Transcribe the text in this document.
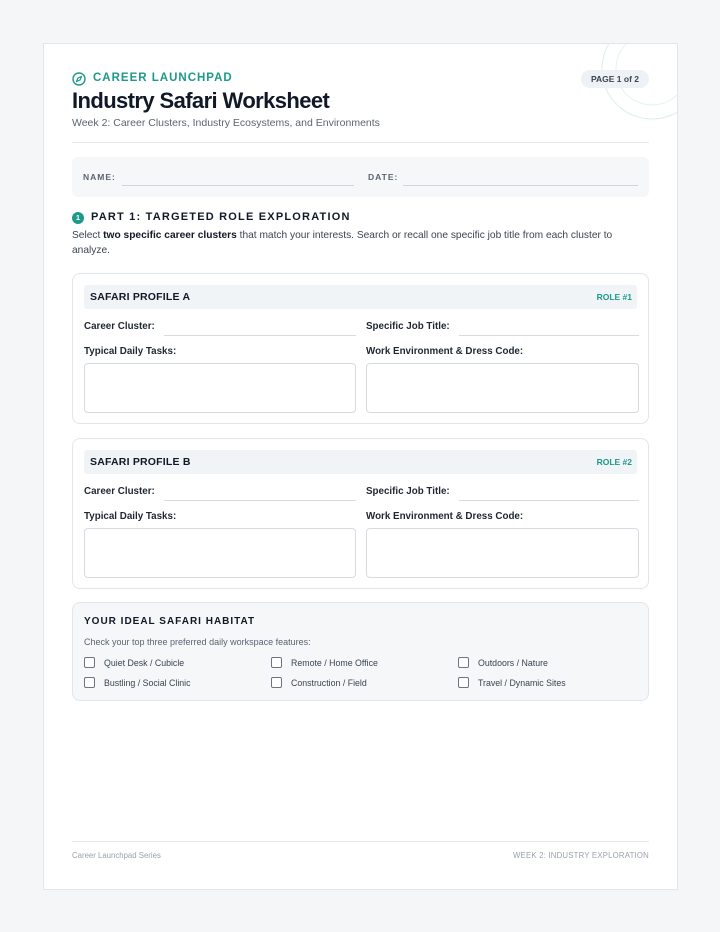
CAREER LAUNCHPAD	PAGE 1 of 2
Industry Safari Worksheet
Week 2: Career Clusters, Industry Ecosystems, and Environments
NAME:	DATE:
1 PART 1: TARGETED ROLE EXPLORATION
Select two specific career clusters that match your interests. Search or recall one specific job title from each cluster to analyze.
SAFARI PROFILE A	ROLE #1
Career Cluster:	Specific Job Title:
Typical Daily Tasks:	Work Environment & Dress Code:
SAFARI PROFILE B	ROLE #2
Career Cluster:	Specific Job Title:
Typical Daily Tasks:	Work Environment & Dress Code:
YOUR IDEAL SAFARI HABITAT
Check your top three preferred daily workspace features:
Quiet Desk / Cubicle	Remote / Home Office	Outdoors / Nature
Bustling / Social Clinic	Construction / Field	Travel / Dynamic Sites
Career Launchpad Series	WEEK 2: INDUSTRY EXPLORATION
